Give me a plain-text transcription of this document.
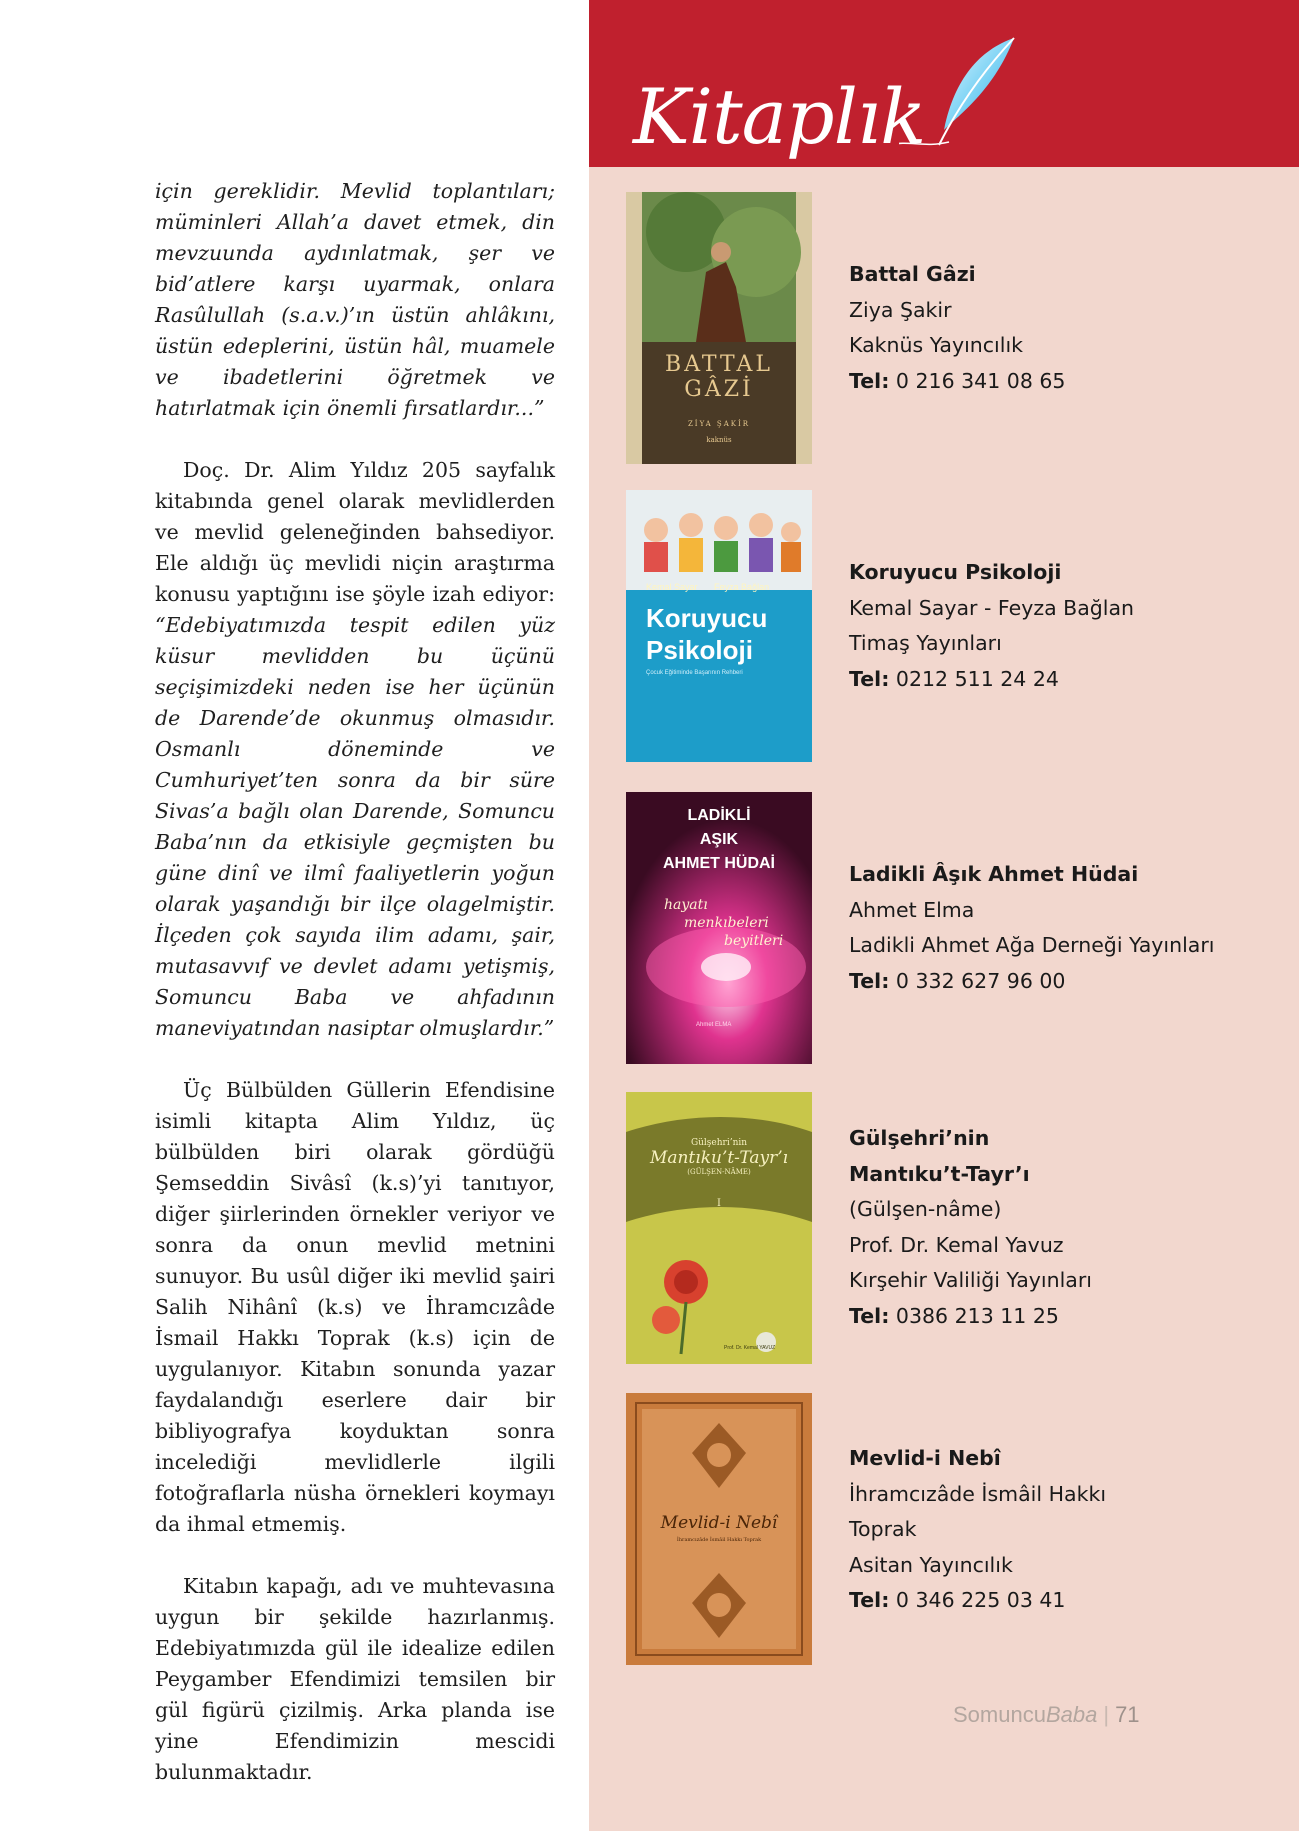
için gereklidir. Mevlid toplantıları; müminleri Allah’a davet etmek, din mevzuunda aydınlatmak, şer ve bid’atlere karşı uyarmak, onlara Rasûlullah (s.a.v.)’ın üstün ahlâkını, üstün edeplerini, üstün hâl, muamele ve ibadetlerini öğretmek ve hatırlatmak için önemli fırsatlardır...”

Doç. Dr. Alim Yıldız 205 sayfalık kitabında genel olarak mevlidlerden ve mevlid geleneğinden bahsediyor. Ele aldığı üç mevlidi niçin araştırma konusu yaptığını ise şöyle izah ediyor: “Edebiyatımızda tespit edilen yüz küsur mevlidden bu üçünü seçişimizdeki neden ise her üçünün de Darende’de okunmuş olmasıdır. Osmanlı döneminde ve Cumhuriyet’ten sonra da bir süre Sivas’a bağlı olan Darende, Somuncu Baba’nın da etkisiyle geçmişten bu güne dinî ve ilmî faaliyetlerin yoğun olarak yaşandığı bir ilçe olagelmiştir. İlçeden çok sayıda ilim adamı, şair, mutasavvıf ve devlet adamı yetişmiş, Somuncu Baba ve ahfadının maneviyatından nasiptar olmuşlardır.”

Üç Bülbülden Güllerin Efendisine isimli kitapta Alim Yıldız, üç bülbülden biri olarak gördüğü Şemseddin Sivâsî (k.s)’yi tanıtıyor, diğer şiirlerinden örnekler veriyor ve sonra da onun mevlid metnini sunuyor. Bu usûl diğer iki mevlid şairi Salih Nihânî (k.s) ve İhramcızâde İsmail Hakkı Toprak (k.s) için de uygulanıyor. Kitabın sonunda yazar faydalandığı eserlere dair bir bibliyografya koyduktan sonra incelediği mevlidlerle ilgili fotoğraflarla nüsha örnekleri koymayı da ihmal etmemiş.

Kitabın kapağı, adı ve muhtevasına uygun bir şekilde hazırlanmış. Edebiyatımızda gül ile idealize edilen Peygamber Efendimizi temsilen bir gül figürü çizilmiş. Arka planda ise yine Efendimizin mescidi bulunmaktadır.

Kitaplık
BATTAL
GÂZİ
ZİYA ŞAKİR
kaknüs
Battal Gâzi
Ziya Şakir
Kaknüs Yayıncılık
Tel: 0 216 341 08 65
Kemal Sayar Feyza Bağlan
Koruyucu
Psikoloji
Çocuk Eğitiminde Başarının Rehberi
Koruyucu Psikoloji
Kemal Sayar - Feyza Bağlan
Timaş Yayınları
Tel: 0212 511 24 24
LADİKLİ
AŞIK
AHMET HÜDAİ
hayatı
menkıbeleri
beyitleri
Ahmet ELMA
Ladikli Âşık Ahmet Hüdai
Ahmet Elma
Ladikli Ahmet Ağa Derneği Yayınları
Tel: 0 332 627 96 00
Gülşehri’nin
Mantıku’t-Tayr’ı
(GÜLŞEN-NÂME)
I
Prof. Dr. Kemal YAVUZ
Gülşehri’nin
Mantıku’t-Tayr’ı
(Gülşen-nâme)
Prof. Dr. Kemal Yavuz
Kırşehir Valiliği Yayınları
Tel: 0386 213 11 25
Mevlid-i Nebî
İhramcızâde İsmâil Hakkı Toprak
Mevlid-i Nebî
İhramcızâde İsmâil Hakkı
Toprak
Asitan Yayıncılık
Tel: 0 346 225 03 41
SomuncuBaba | 71
